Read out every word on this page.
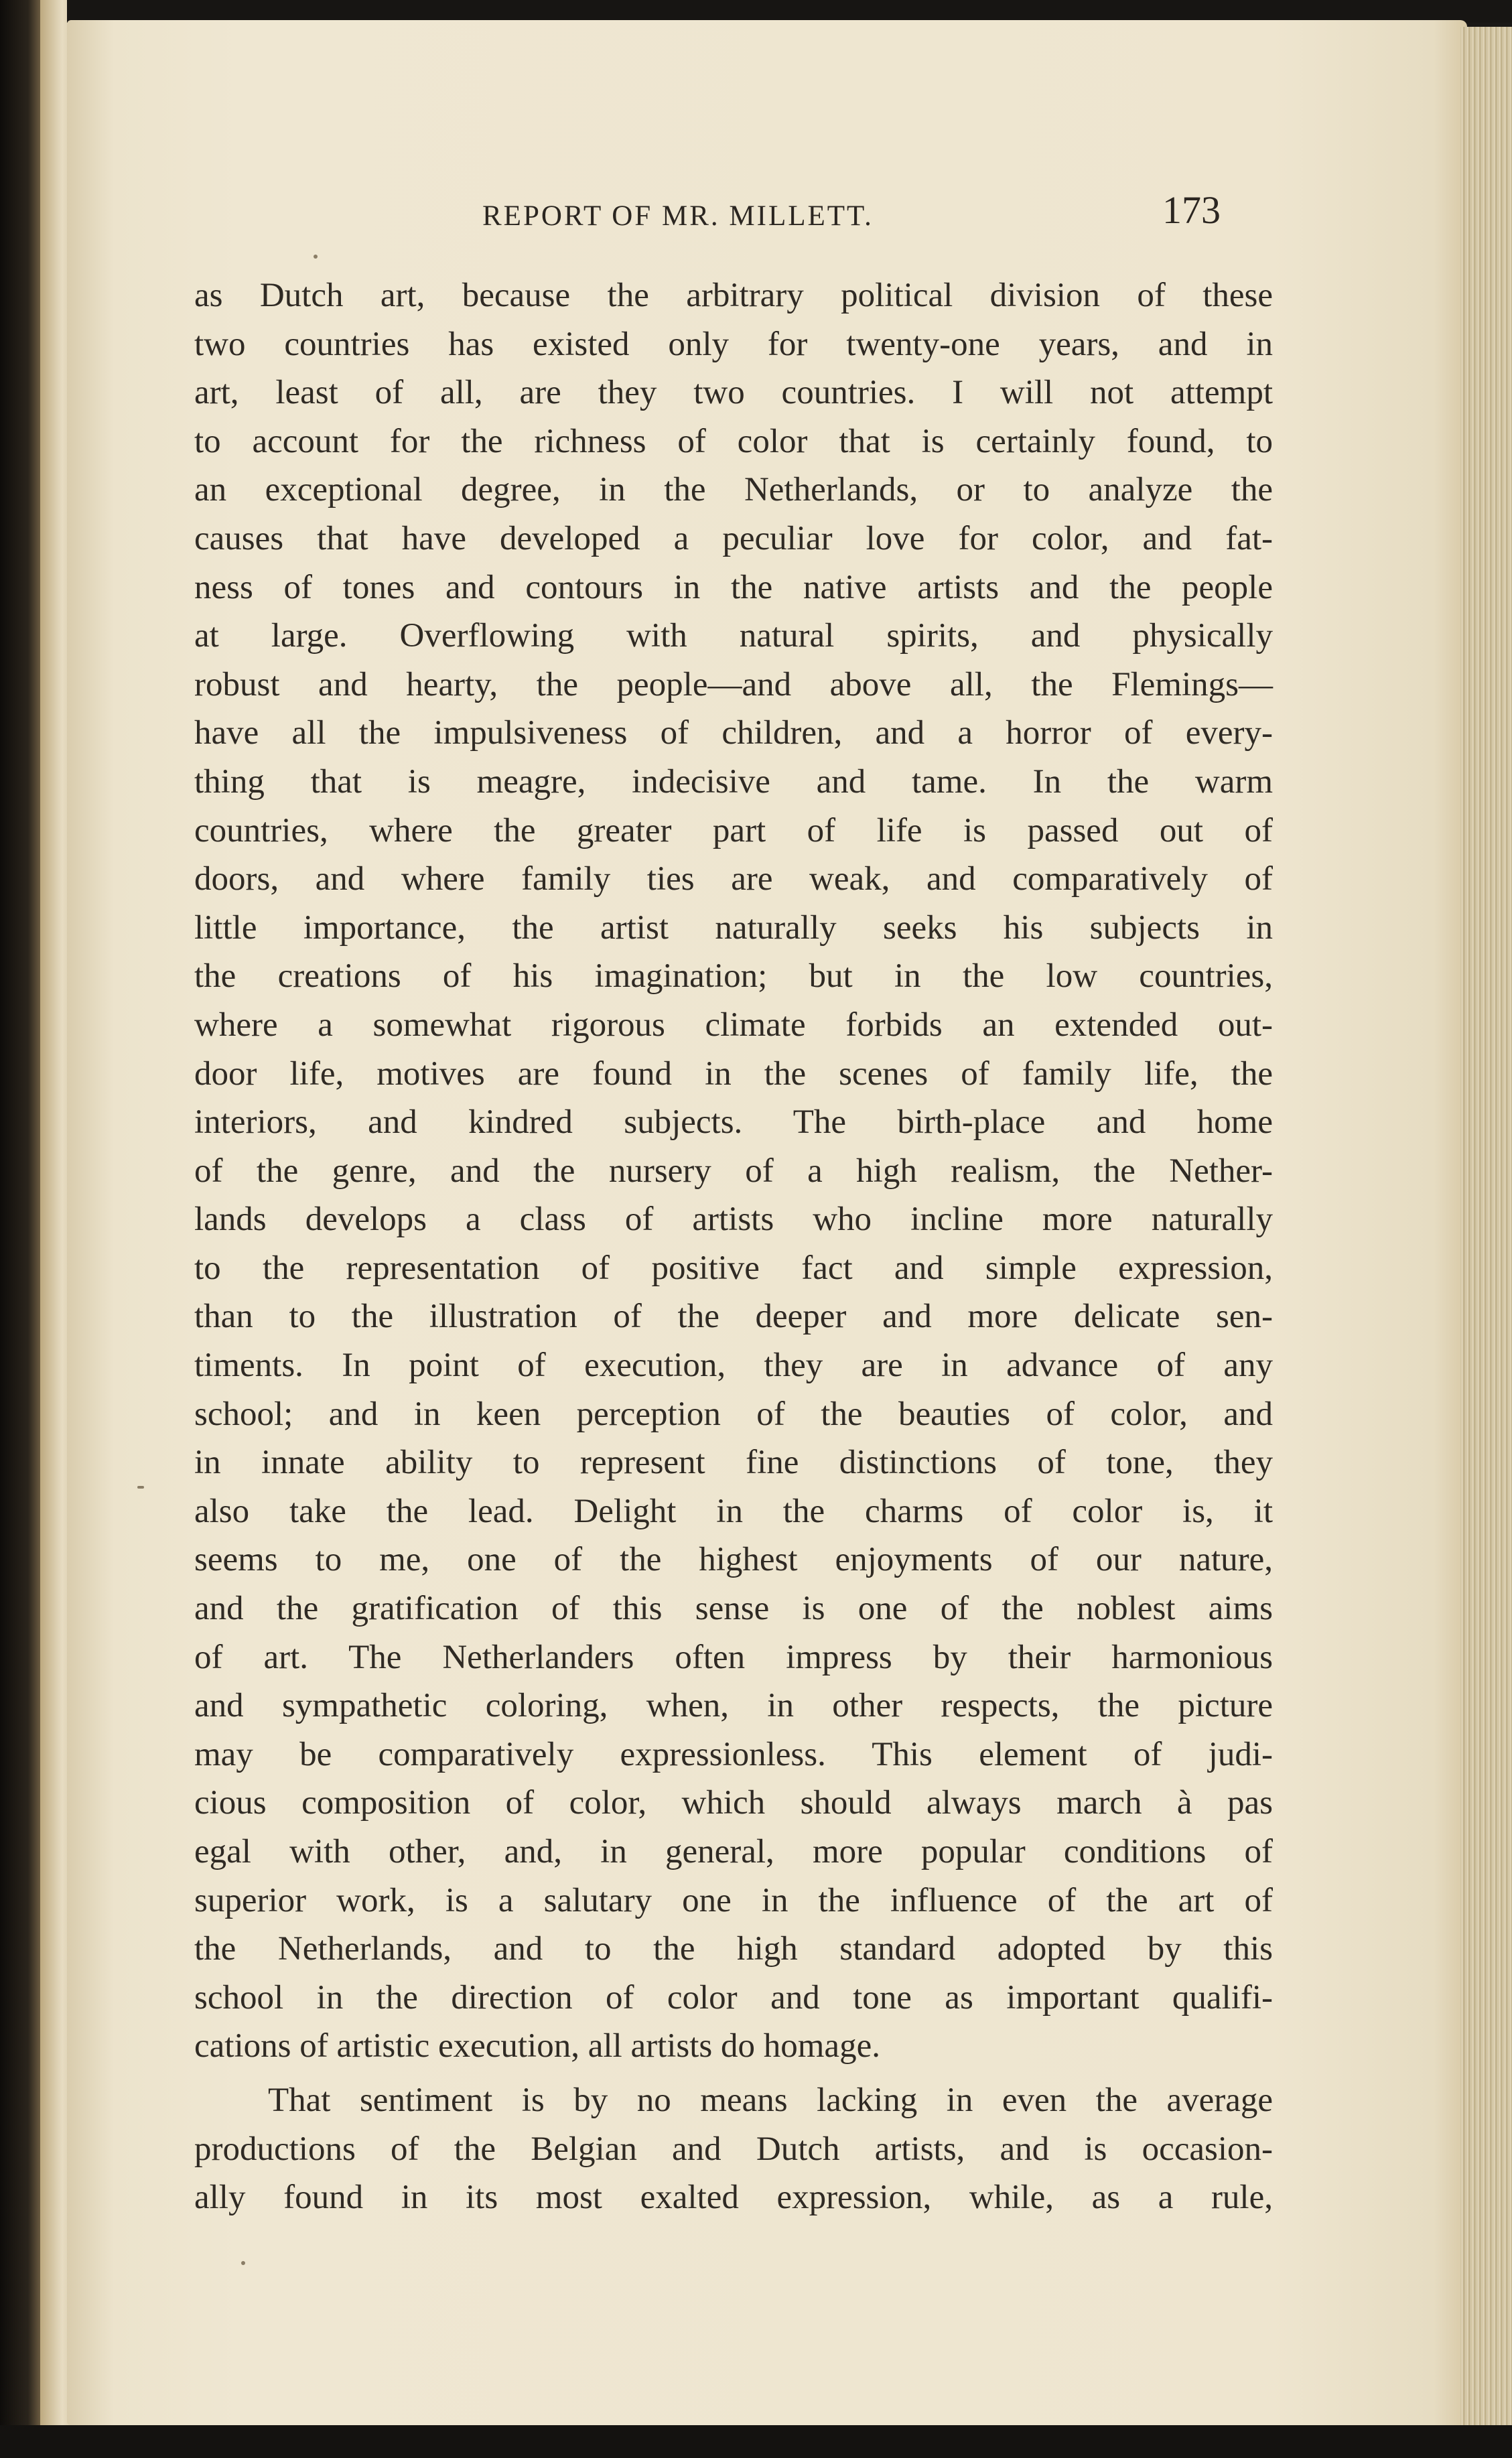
REPORT OF MR. MILLETT.	173
as Dutch art, because the arbitrary political division of these
two countries has existed only for twenty-one years, and in
art, least of all, are they two countries. I will not attempt
to account for the richness of color that is certainly found, to
an exceptional degree, in the Netherlands, or to analyze the
causes that have developed a peculiar love for color, and fat-
ness of tones and contours in the native artists and the people
at large. Overflowing with natural spirits, and physically
robust and hearty, the people—and above all, the Flemings—
have all the impulsiveness of children, and a horror of every-
thing that is meagre, indecisive and tame. In the warm
countries, where the greater part of life is passed out of
doors, and where family ties are weak, and comparatively of
little importance, the artist naturally seeks his subjects in
the creations of his imagination; but in the low countries,
where a somewhat rigorous climate forbids an extended out-
door life, motives are found in the scenes of family life, the
interiors, and kindred subjects. The birth-place and home
of the genre, and the nursery of a high realism, the Nether-
lands develops a class of artists who incline more naturally
to the representation of positive fact and simple expression,
than to the illustration of the deeper and more delicate sen-
timents. In point of execution, they are in advance of any
school; and in keen perception of the beauties of color, and
in innate ability to represent fine distinctions of tone, they
also take the lead. Delight in the charms of color is, it
seems to me, one of the highest enjoyments of our nature,
and the gratification of this sense is one of the noblest aims
of art. The Netherlanders often impress by their harmonious
and sympathetic coloring, when, in other respects, the picture
may be comparatively expressionless. This element of judi-
cious composition of color, which should always march à pas
egal with other, and, in general, more popular conditions of
superior work, is a salutary one in the influence of the art of
the Netherlands, and to the high standard adopted by this
school in the direction of color and tone as important qualifi-
cations of artistic execution, all artists do homage.
That sentiment is by no means lacking in even the average
productions of the Belgian and Dutch artists, and is occasion-
ally found in its most exalted expression, while, as a rule,
